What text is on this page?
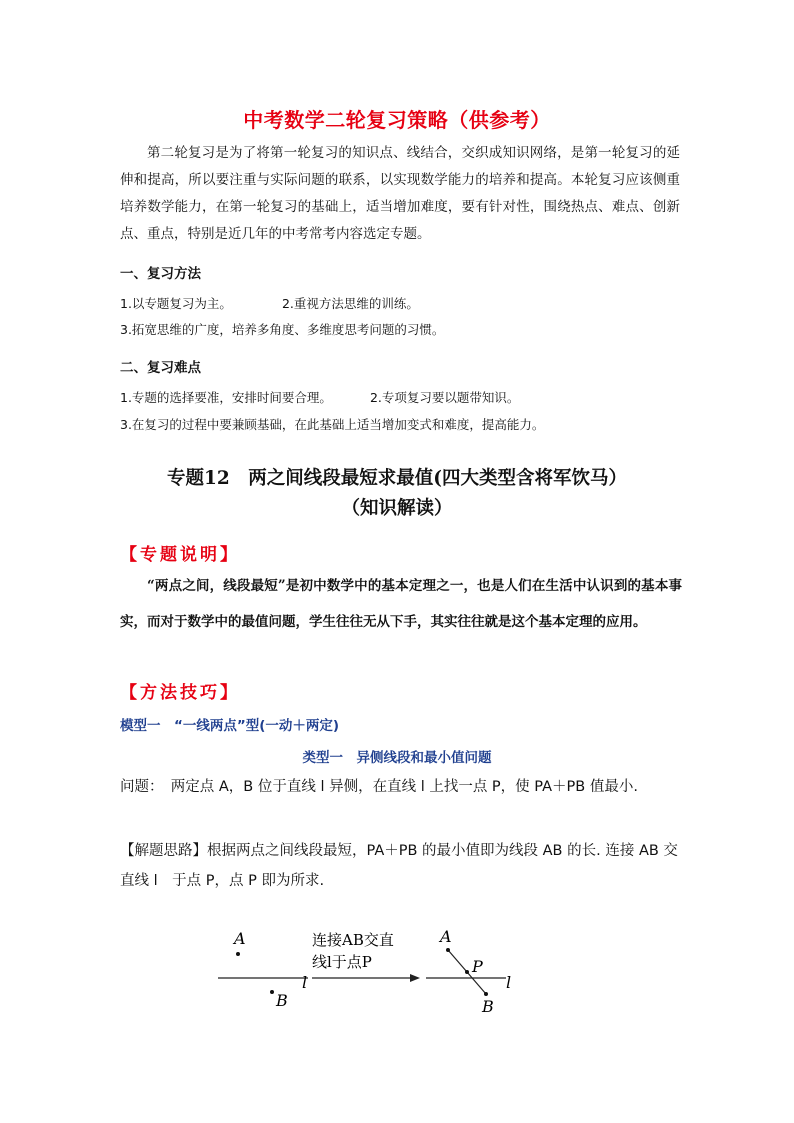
中考数学二轮复习策略（供参考）
第二轮复习是为了将第一轮复习的知识点、线结合，交织成知识网络，是第一轮复习的延伸和提高，所以要注重与实际问题的联系，以实现数学能力的培养和提高。本轮复习应该侧重培养数学能力，在第一轮复习的基础上，适当增加难度，要有针对性，围绕热点、难点、创新点、重点，特别是近几年的中考常考内容选定专题。
一、复习方法
1.以专题复习为主。	2.重视方法思维的训练。
3.拓宽思维的广度，培养多角度、多维度思考问题的习惯。
二、复习难点
1.专题的选择要准，安排时间要合理。	2.专项复习要以题带知识。
3.在复习的过程中要兼顾基础，在此基础上适当增加变式和难度，提高能力。
专题12　两之间线段最短求最值(四大类型含将军饮马）
（知识解读）
【专题说明】
“两点之间，线段最短”是初中数学中的基本定理之一，也是人们在生活中认识到的基本事实，而对于数学中的最值问题，学生往往无从下手，其实往往就是这个基本定理的应用。
【方法技巧】
模型一　“一线两点”型(一动＋两定)
类型一　异侧线段和最小值问题
问题：　两定点 A，B 位于直线 l 异侧，在直线 l 上找一点 P，使 PA＋PB 值最小.
【解题思路】根据两点之间线段最短，PA＋PB 的最小值即为线段 AB 的长. 连接 AB 交直线 l　于点 P，点 P 即为所求.
A
B
l
连接AB交直
线l于点P
A
P
B
l
